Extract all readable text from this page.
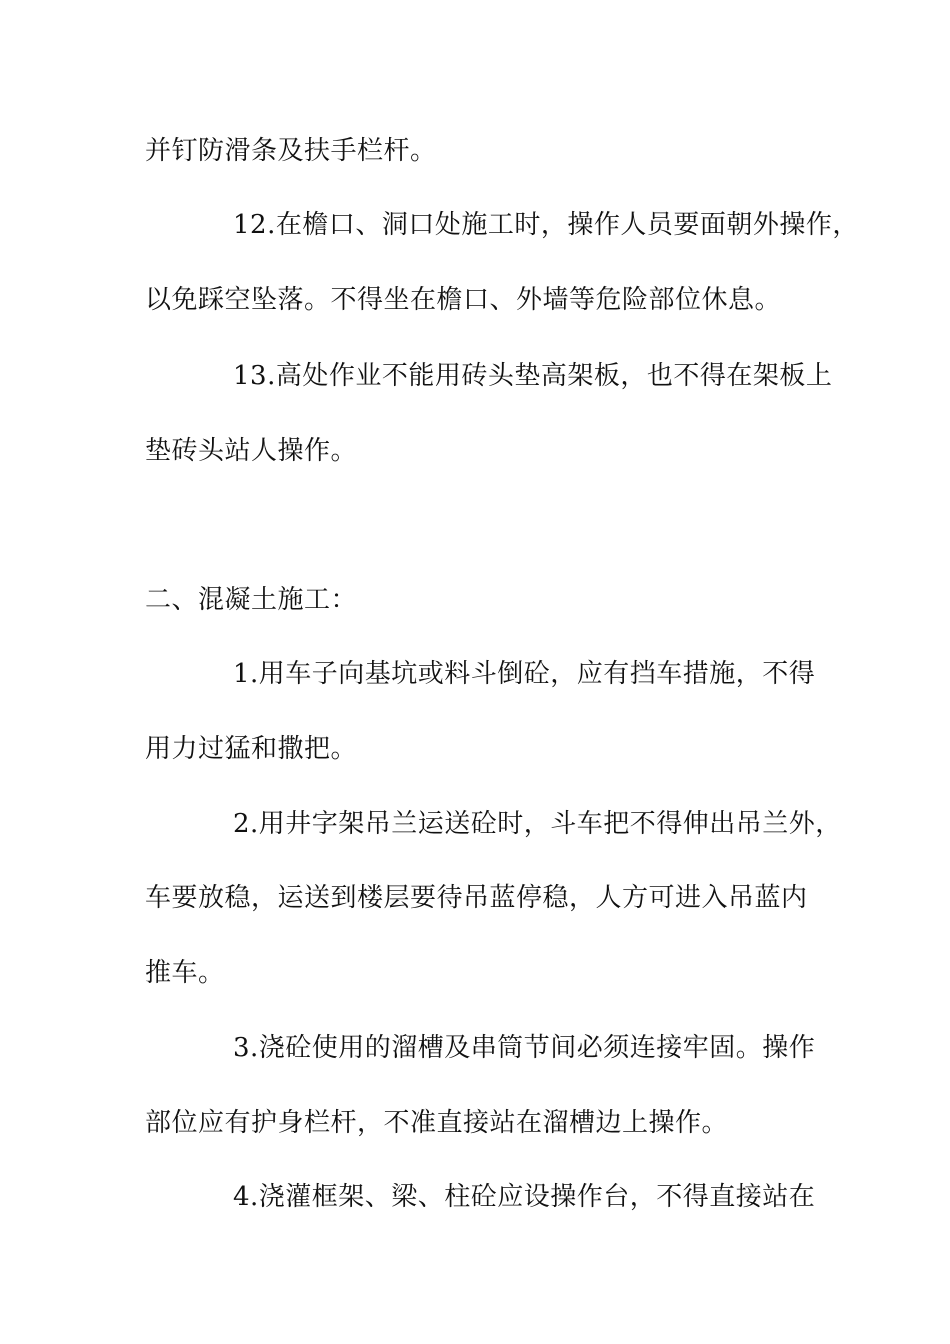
并钉防滑条及扶手栏杆。
12.在檐口、洞口处施工时，操作人员要面朝外操作，
以免踩空坠落。不得坐在檐口、外墙等危险部位休息。
13.高处作业不能用砖头垫高架板，也不得在架板上
垫砖头站人操作。
二、混凝土施工：
1.用车子向基坑或料斗倒砼，应有挡车措施，不得
用力过猛和撒把。
2.用井字架吊兰运送砼时，斗车把不得伸出吊兰外，
车要放稳，运送到楼层要待吊蓝停稳，人方可进入吊蓝内
推车。
3.浇砼使用的溜槽及串筒节间必须连接牢固。操作
部位应有护身栏杆，不准直接站在溜槽边上操作。
4.浇灌框架、梁、柱砼应设操作台，不得直接站在
